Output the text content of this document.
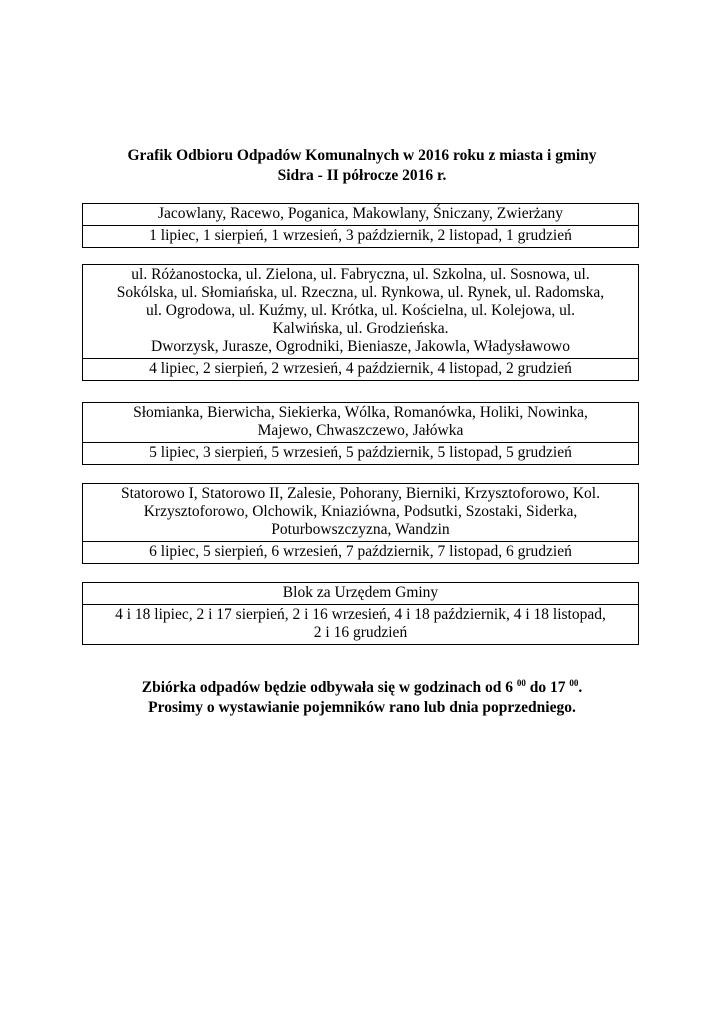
Grafik Odbioru Odpadów Komunalnych w 2016 roku z miasta i gminy
Sidra - II półrocze 2016 r.
Jacowlany, Racewo, Poganica, Makowlany, Śniczany, Zwierżany
1 lipiec, 1 sierpień, 1 wrzesień, 3 październik, 2 listopad, 1 grudzień
ul. Różanostocka, ul. Zielona, ul. Fabryczna, ul. Szkolna, ul. Sosnowa, ul.
Sokólska, ul. Słomiańska, ul. Rzeczna, ul. Rynkowa, ul. Rynek, ul. Radomska,
ul. Ogrodowa, ul. Kuźmy, ul. Krótka, ul. Kościelna, ul. Kolejowa, ul.
Kalwińska, ul. Grodzieńska.
Dworzysk, Jurasze, Ogrodniki, Bieniasze, Jakowla, Władysławowo
4 lipiec, 2 sierpień, 2 wrzesień, 4 październik, 4 listopad, 2 grudzień
Słomianka, Bierwicha, Siekierka, Wólka, Romanówka, Holiki, Nowinka,
Majewo, Chwaszczewo, Jałówka
5 lipiec, 3 sierpień, 5 wrzesień, 5 październik, 5 listopad, 5 grudzień
Statorowo I, Statorowo II, Zalesie, Pohorany, Bierniki, Krzysztoforowo, Kol.
Krzysztoforowo, Olchowik, Kniaziówna, Podsutki, Szostaki, Siderka,
Poturbowszczyzna, Wandzin
6 lipiec, 5 sierpień, 6 wrzesień, 7 październik, 7 listopad, 6 grudzień
Blok za Urzędem Gminy
4 i 18 lipiec, 2 i 17 sierpień, 2 i 16 wrzesień, 4 i 18 październik, 4 i 18 listopad,
2 i 16 grudzień
Zbiórka odpadów będzie odbywała się w godzinach od 6 $^{00}$ do 17 $^{00}$.
Prosimy o wystawianie pojemników rano lub dnia poprzedniego.
